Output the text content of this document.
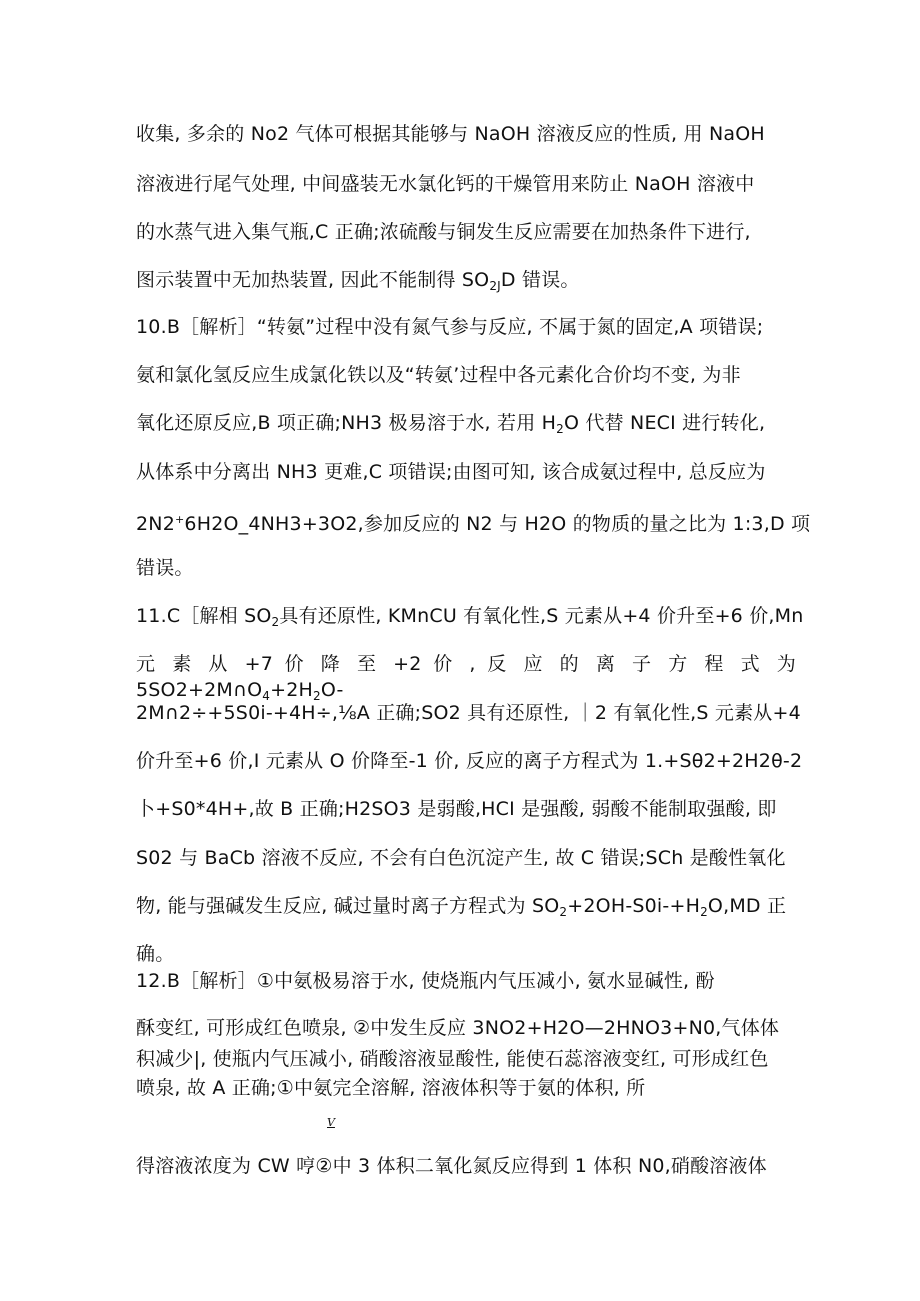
收集, 多余的 No2 气体可根据其能够与 NaOH 溶液反应的性质, 用 NaOH
溶液进行尾气处理, 中间盛装无水氯化钙的干燥管用来防止 NaOH 溶液中
的水蒸气进入集气瓶,C 正确;浓硫酸与铜发生反应需要在加热条件下进行,
图示装置中无加热装置, 因此不能制得 $SO_{2J}D$ 错误。
10.B［解析］“转氨”过程中没有氮气参与反应, 不属于氮的固定,A 项错误;
氨和氯化氢反应生成氯化铁以及“转氨’过程中各元素化合价均不变, 为非
氧化还原反应,B 项正确;NH3 极易溶于水, 若用 $H_2O$ 代替 NECI 进行转化,
从体系中分离出 NH3 更难,C 项错误;由图可知, 该合成氨过程中, 总反应为
2N2+6H2O_4NH3+3O2,参加反应的 N2 与 H2O 的物质的量之比为 1:3,D 项
错误。
11.C［解相 $SO_2$具有还原性, KMnCU 有氧化性,S 元素从+4 价升至+6 价,Mn
元 素 从 +7 价 降 至 +2 价 , 反 应 的 离 子 方 程 式 为 $5SO2+2M\cap O_4+2H_2O-$
2M∩2÷+5S0i-+4H÷,⅛A 正确;SO2 具有还原性, ｜2 有氧化性,S 元素从+4
价升至+6 价,I 元素从 O 价降至-1 价, 反应的离子方程式为 1.+Sθ2+2H2θ-2
卜+S0*4H+,故 B 正确;H2SO3 是弱酸,HCI 是强酸, 弱酸不能制取强酸, 即
S02 与 BaCb 溶液不反应, 不会有白色沉淀产生, 故 C 错误;SCh 是酸性氧化
物, 能与强碱发生反应, 碱过量时离子方程式为 $SO_2+2OH-S0i-+H_2O,MD$ 正
确。
12.B［解析］①中氨极易溶于水, 使烧瓶内气压减小, 氨水显碱性, 酚
酥变红, 可形成红色喷泉, ②中发生反应 3NO2+H2O—2HNO3+N0,气体体
积减少|, 使瓶内气压减小, 硝酸溶液显酸性, 能使石蕊溶液变红, 可形成红色
喷泉, 故 A 正确;①中氨完全溶解, 溶液体积等于氨的体积, 所
V
得溶液浓度为 CW 哼②中 3 体积二氧化氮反应得到 1 体积 N0,硝酸溶液体
